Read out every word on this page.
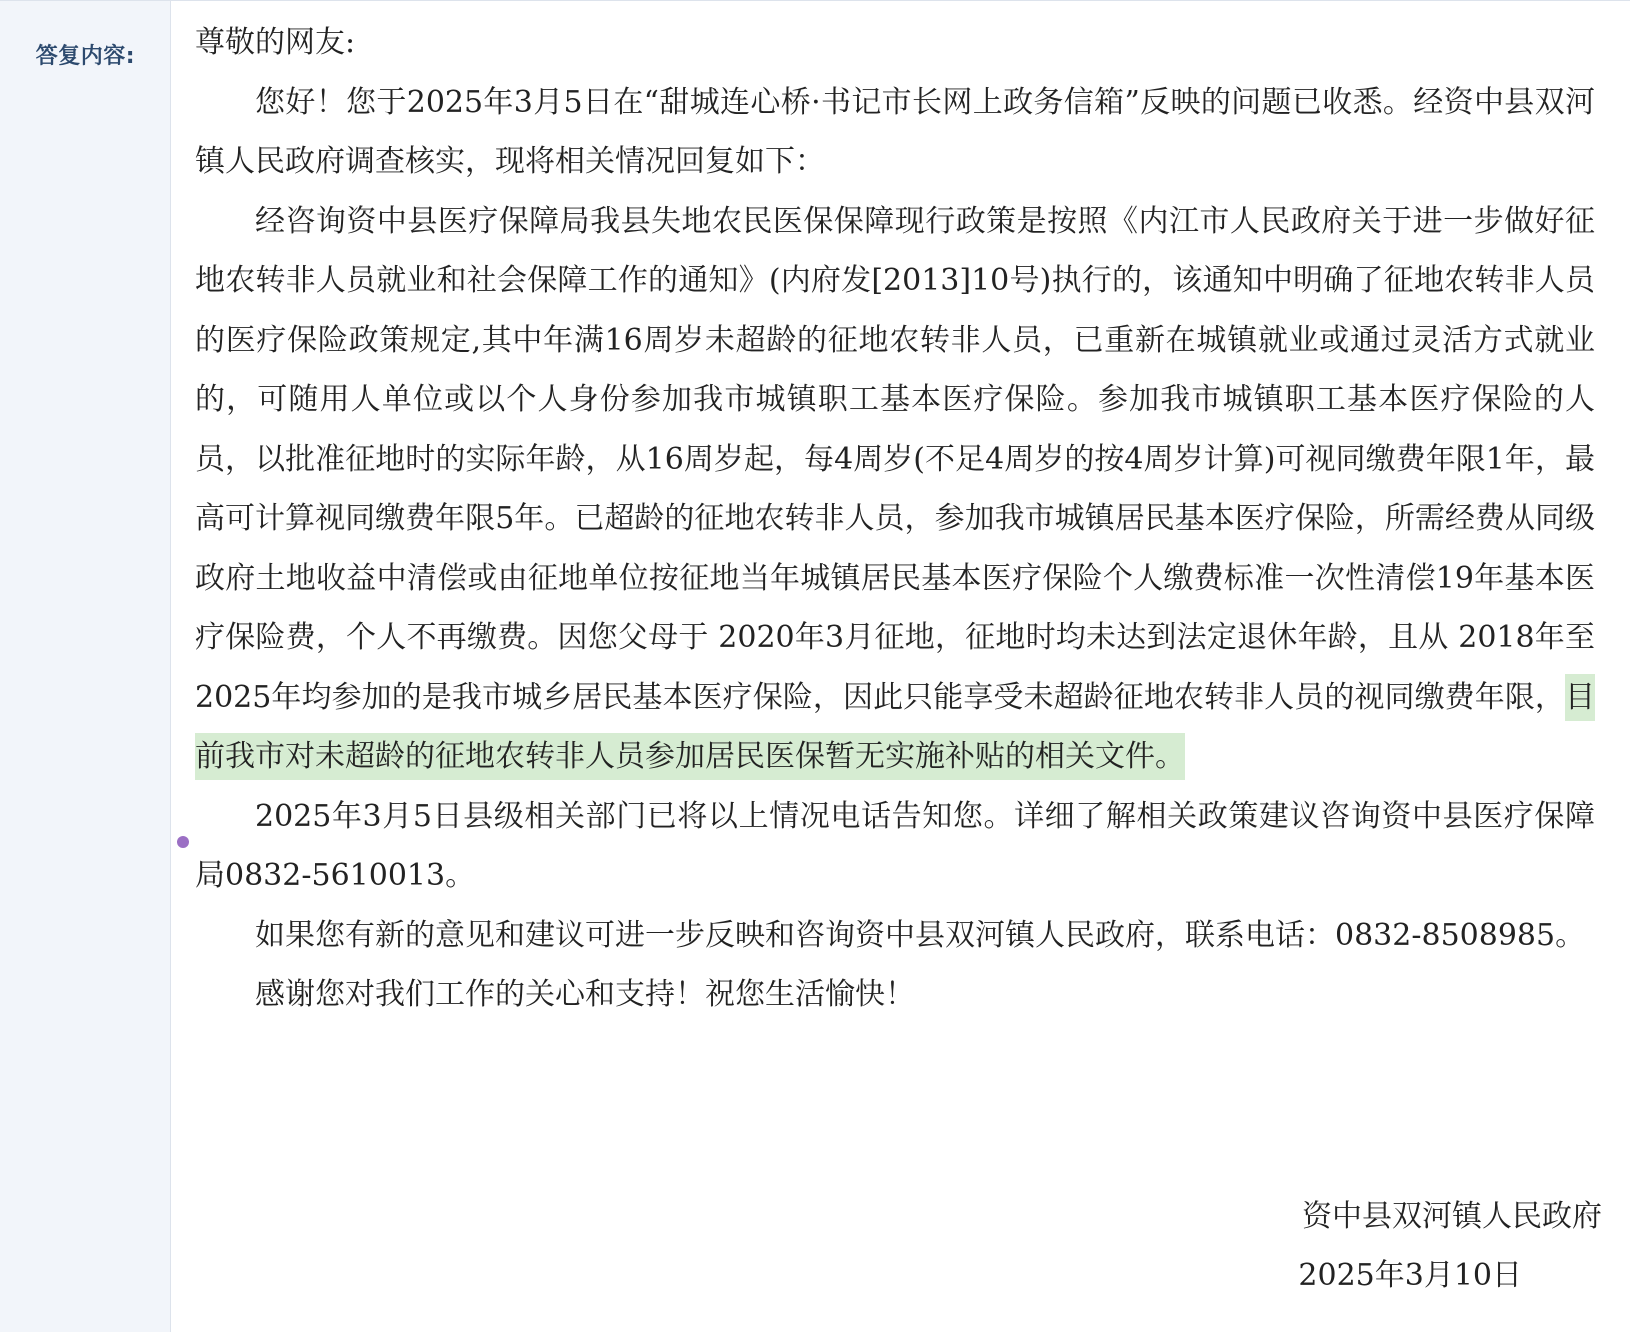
答复内容: 尊敬的网友:

您好！您于2025年3月5日在“甜城连心桥·书记市长网上政务信箱”反映的问题已收悉。经资中县双河镇人民政府调查核实，现将相关情况回复如下：

经咨询资中县医疗保障局我县失地农民医保保障现行政策是按照《内江市人民政府关于进一步做好征地农转非人员就业和社会保障工作的通知》(内府发[2013]10号)执行的，该通知中明确了征地农转非人员的医疗保险政策规定,其中年满16周岁未超龄的征地农转非人员，已重新在城镇就业或通过灵活方式就业的，可随用人单位或以个人身份参加我市城镇职工基本医疗保险。参加我市城镇职工基本医疗保险的人员，以批准征地时的实际年龄，从16周岁起，每4周岁(不足4周岁的按4周岁计算)可视同缴费年限1年，最高可计算视同缴费年限5年。已超龄的征地农转非人员，参加我市城镇居民基本医疗保险，所需经费从同级政府土地收益中清偿或由征地单位按征地当年城镇居民基本医疗保险个人缴费标准一次性清偿19年基本医疗保险费，个人不再缴费。因您父母于 2020年3月征地，征地时均未达到法定退休年龄，且从 2018年至2025年均参加的是我市城乡居民基本医疗保险，因此只能享受未超龄征地农转非人员的视同缴费年限，目前我市对未超龄的征地农转非人员参加居民医保暂无实施补贴的相关文件。

2025年3月5日县级相关部门已将以上情况电话告知您。详细了解相关政策建议咨询资中县医疗保障局0832-5610013。

如果您有新的意见和建议可进一步反映和咨询资中县双河镇人民政府，联系电话：0832-8508985。

感谢您对我们工作的关心和支持！祝您生活愉快！

资中县双河镇人民政府
2025年3月10日
